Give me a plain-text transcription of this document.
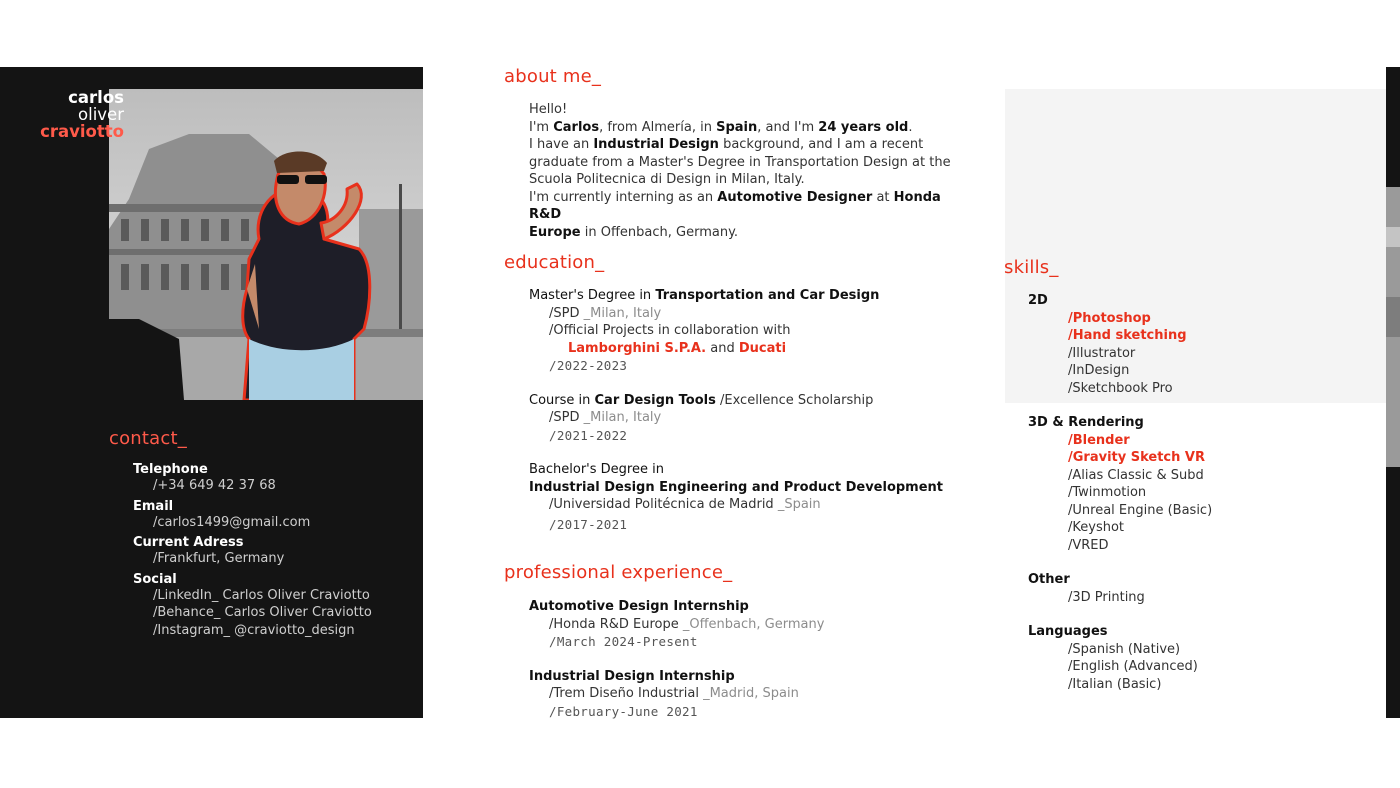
carlos
oliver
craviotto
contact_
Telephone
/+34 649 42 37 68
Email
/carlos1499@gmail.com
Current Adress
/Frankfurt, Germany
Social
/LinkedIn_ Carlos Oliver Craviotto
/Behance_ Carlos Oliver Craviotto
/Instagram_ @craviotto_design
about me_
Hello!
I'm Carlos, from Almería, in Spain, and I'm 24 years old.
I have an Industrial Design background, and I am a recent
graduate from a Master's Degree in Transportation Design at the
Scuola Politecnica di Design in Milan, Italy.
I'm currently interning as an Automotive Designer at Honda R&D
Europe in Offenbach, Germany.
education_
Master's Degree in Transportation and Car Design
/SPD _Milan, Italy
/Official Projects in collaboration with
Lamborghini S.P.A. and Ducati
/2022-2023
Course in Car Design Tools /Excellence Scholarship
/SPD _Milan, Italy
/2021-2022
Bachelor's Degree in
Industrial Design Engineering and Product Development
/Universidad Politécnica de Madrid _Spain
/2017-2021
professional experience_
Automotive Design Internship
/Honda R&D Europe _Offenbach, Germany
/March 2024-Present
Industrial Design Internship
/Trem Diseño Industrial _Madrid, Spain
/February-June 2021
skills_
2D
/Photoshop
/Hand sketching
/Illustrator
/InDesign
/Sketchbook Pro
3D & Rendering
/Blender
/Gravity Sketch VR
/Alias Classic & Subd
/Twinmotion
/Unreal Engine (Basic)
/Keyshot
/VRED
Other
/3D Printing
Languages
/Spanish (Native)
/English (Advanced)
/Italian (Basic)
